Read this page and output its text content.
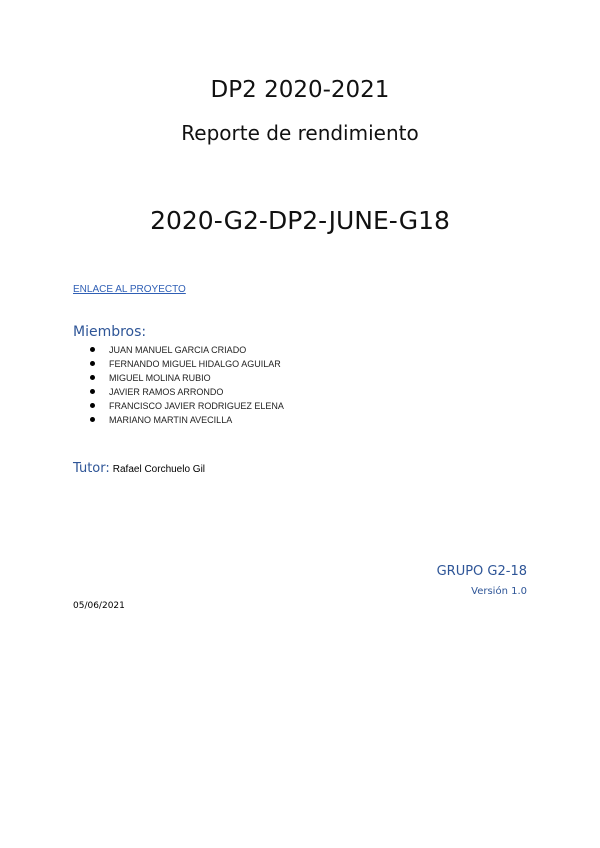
DP2 2020-2021
Reporte de rendimiento
2020-G2-DP2-JUNE-G18
ENLACE AL PROYECTO
Miembros:
JUAN MANUEL GARCIA CRIADO
FERNANDO MIGUEL HIDALGO AGUILAR
MIGUEL MOLINA RUBIO
JAVIER RAMOS ARRONDO
FRANCISCO JAVIER RODRIGUEZ ELENA
MARIANO MARTIN AVECILLA
Tutor: Rafael Corchuelo Gil
GRUPO G2-18
Versión 1.0
05/06/2021
